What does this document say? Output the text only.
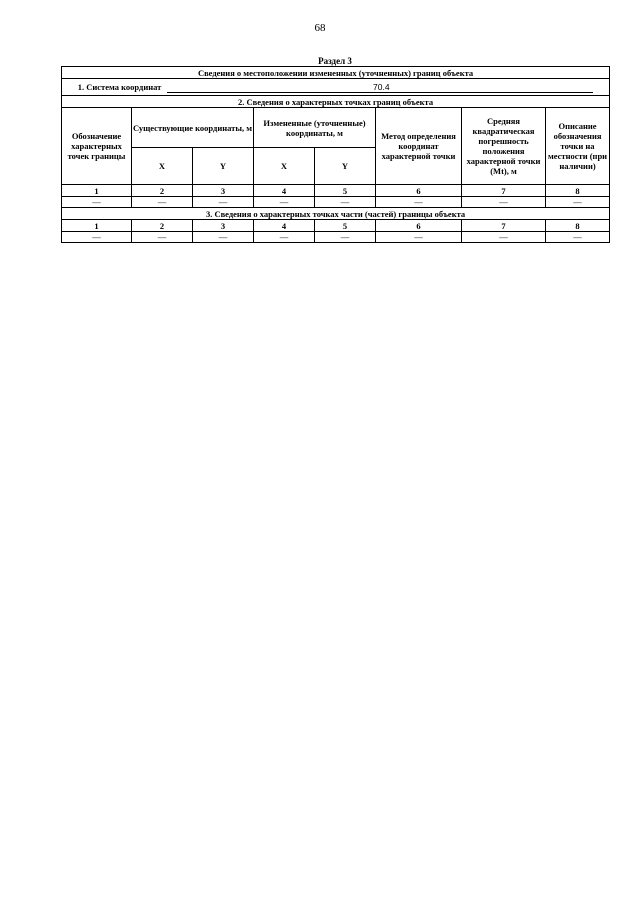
68
Раздел 3
Сведения о местоположении измененных (уточненных) границ объекта							
1. Система координат 70.4							
2. Сведения о характерных точках границ объекта							
Обозначение характерных точек границы	Существующие координаты, м		Измененные (уточненные) координаты, м		Метод определения координат характерной точки	Средняя квадратическая погрешность положения характерной точки (Mt), м	Описание обозначения точки на местности (при наличии)
	X	Y	X	Y			
1	2	3	4	5	6	7	8
—	—	—	—	—	—	—	—
3. Сведения о характерных точках части (частей) границы объекта							
1	2	3	4	5	6	7	8
—	—	—	—	—	—	—	—
